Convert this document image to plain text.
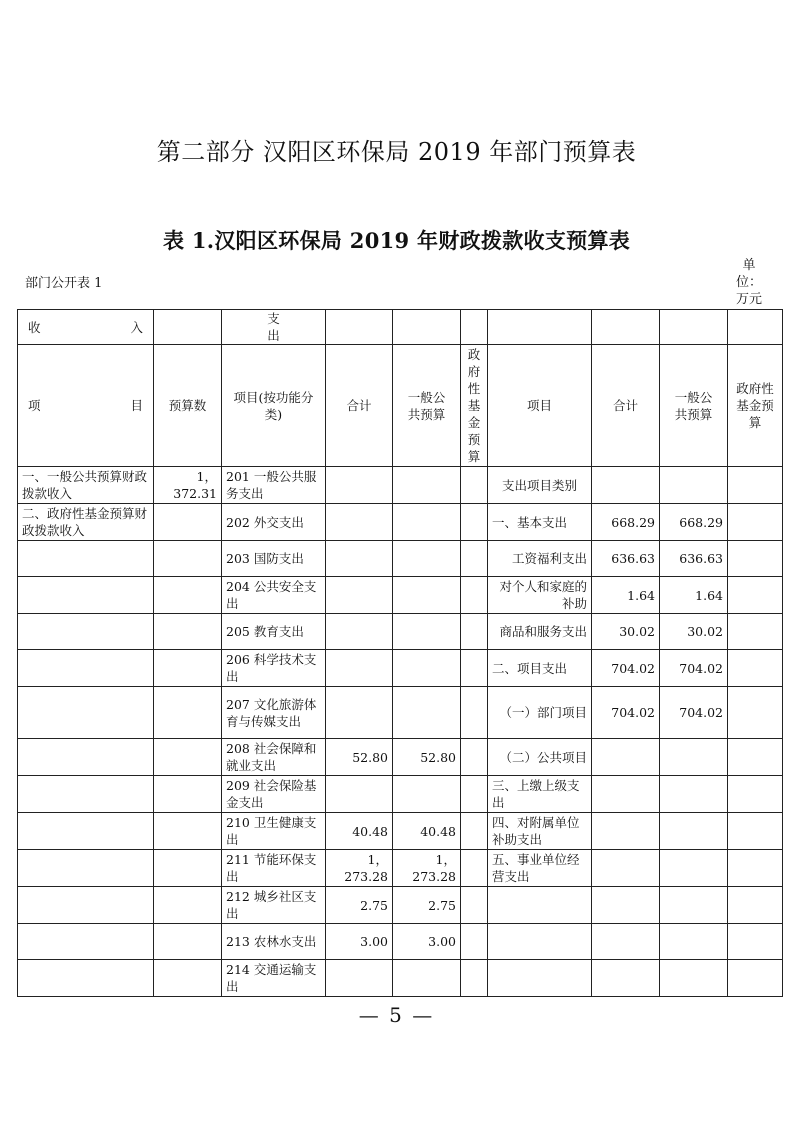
第二部分 汉阳区环保局 2019 年部门预算表
表 1.汉阳区环保局 2019 年财政拨款收支预算表
部门公开表 1
单位：万元
收 入		支出							

项 目	预算数	项目(按功能分类)	合计	一般公共预算	政府性基金预算	项目	合计	一般公共预算	政府性基金预算
一、一般公共预算财政拨款收入	1，372.31	201 一般公共服务支出				支出项目类别			
二、政府性基金预算财政拨款收入		202 外交支出				一、基本支出	668.29	668.29	
		203 国防支出				工资福利支出	636.63	636.63	
		204 公共安全支出				对个人和家庭的补助	1.64	1.64	
		205 教育支出				商品和服务支出	30.02	30.02	
		206 科学技术支出				二、项目支出	704.02	704.02	
		207 文化旅游体育与传媒支出				（一）部门项目	704.02	704.02	
		208 社会保障和就业支出	52.80	52.80		（二）公共项目			
		209 社会保险基金支出				三、上缴上级支出			
		210 卫生健康支出	40.48	40.48		四、对附属单位补助支出			
		211 节能环保支出	1，273.28	1，273.28		五、事业单位经营支出			
		212 城乡社区支出	2.75	2.75					
		213 农林水支出	3.00	3.00					
		214 交通运输支出							
— 5 —
